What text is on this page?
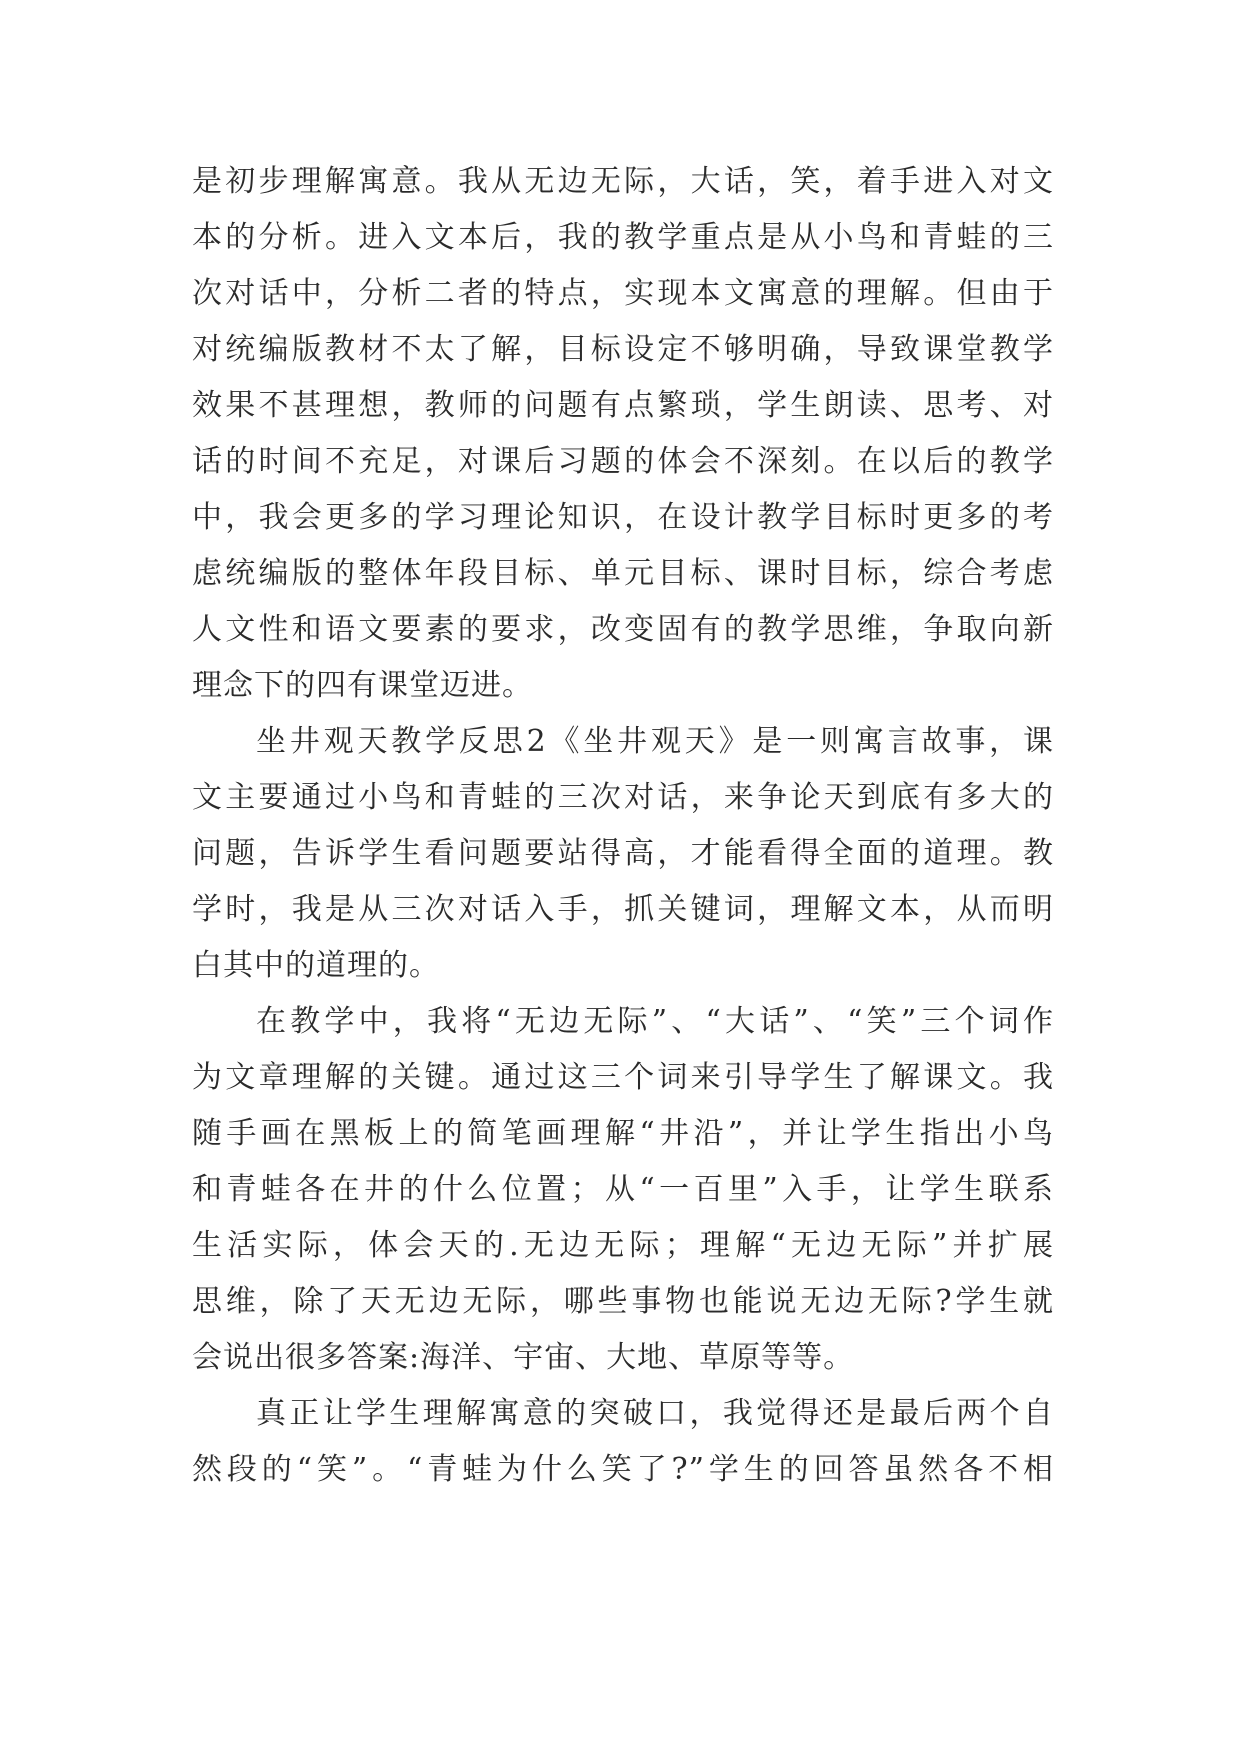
是初步理解寓意。我从无边无际，大话，笑，着手进入对文
本的分析。进入文本后，我的教学重点是从小鸟和青蛙的三
次对话中，分析二者的特点，实现本文寓意的理解。但由于
对统编版教材不太了解，目标设定不够明确，导致课堂教学
效果不甚理想，教师的问题有点繁琐，学生朗读、思考、对
话的时间不充足，对课后习题的体会不深刻。在以后的教学
中，我会更多的学习理论知识，在设计教学目标时更多的考
虑统编版的整体年段目标、单元目标、课时目标，综合考虑
人文性和语文要素的要求，改变固有的教学思维，争取向新
理念下的四有课堂迈进。
坐井观天教学反思2《坐井观天》是一则寓言故事，课
文主要通过小鸟和青蛙的三次对话，来争论天到底有多大的
问题，告诉学生看问题要站得高，才能看得全面的道理。教
学时，我是从三次对话入手，抓关键词，理解文本，从而明
白其中的道理的。
在教学中，我将“无边无际”、“大话”、“笑”三个词作
为文章理解的关键。通过这三个词来引导学生了解课文。我
随手画在黑板上的简笔画理解“井沿”，并让学生指出小鸟
和青蛙各在井的什么位置；从“一百里”入手，让学生联系
生活实际，体会天的.无边无际；理解“无边无际”并扩展
思维，除了天无边无际，哪些事物也能说无边无际?学生就
会说出很多答案:海洋、宇宙、大地、草原等等。
真正让学生理解寓意的突破口，我觉得还是最后两个自
然段的“笑”。“青蛙为什么笑了?”学生的回答虽然各不相
